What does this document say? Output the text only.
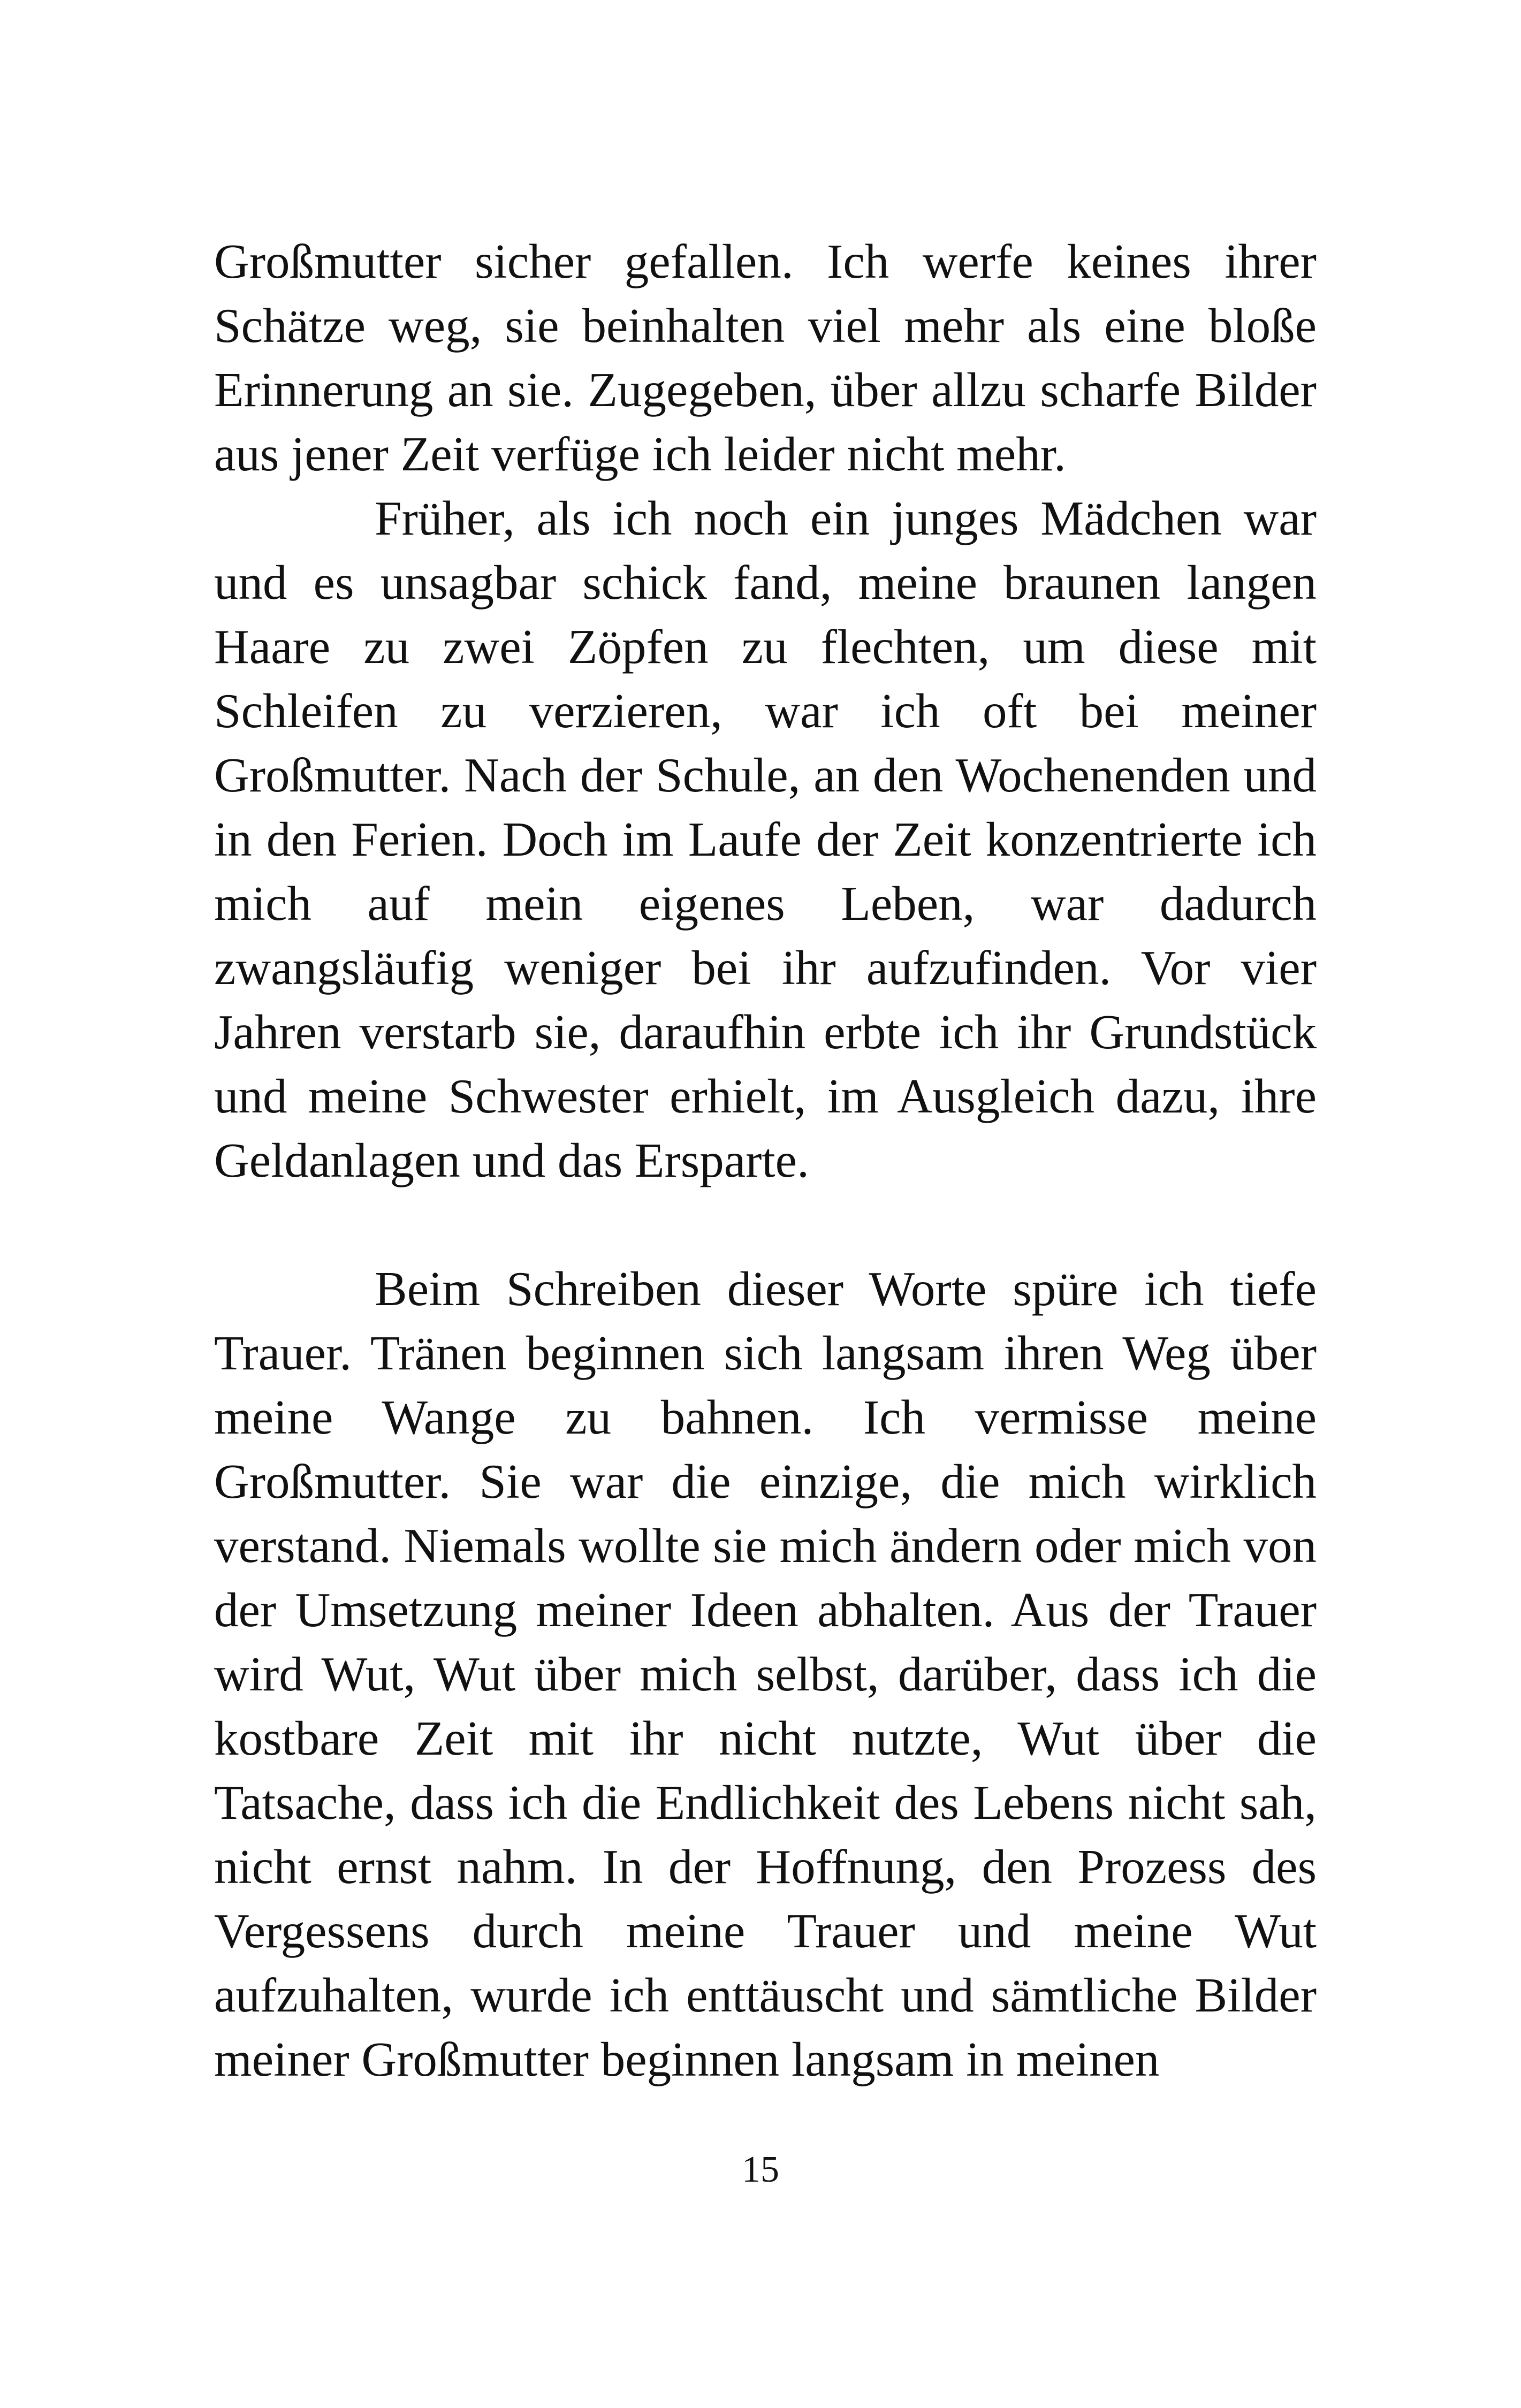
Großmutter sicher gefallen. Ich werfe keines ihrer Schätze weg, sie beinhalten viel mehr als eine bloße Erinnerung an sie. Zugegeben, über allzu scharfe Bilder aus jener Zeit verfüge ich leider nicht mehr.

Früher, als ich noch ein junges Mädchen war und es unsagbar schick fand, meine braunen langen Haare zu zwei Zöpfen zu flechten, um diese mit Schleifen zu verzieren, war ich oft bei meiner Großmutter. Nach der Schule, an den Wochenenden und in den Ferien. Doch im Laufe der Zeit konzentrierte ich mich auf mein eigenes Leben, war dadurch zwangsläufig weniger bei ihr aufzufinden. Vor vier Jahren verstarb sie, daraufhin erbte ich ihr Grundstück und meine Schwester erhielt, im Ausgleich dazu, ihre Geldanlagen und das Ersparte.

Beim Schreiben dieser Worte spüre ich tiefe Trauer. Tränen beginnen sich langsam ihren Weg über meine Wange zu bahnen. Ich vermisse meine Großmutter. Sie war die einzige, die mich wirklich verstand. Niemals wollte sie mich ändern oder mich von der Umsetzung meiner Ideen abhalten. Aus der Trauer wird Wut, Wut über mich selbst, darüber, dass ich die kostbare Zeit mit ihr nicht nutzte, Wut über die Tatsache, dass ich die Endlichkeit des Lebens nicht sah, nicht ernst nahm. In der Hoffnung, den Prozess des Vergessens durch meine Trauer und meine Wut aufzuhalten, wurde ich enttäuscht und sämtliche Bilder meiner Großmutter beginnen langsam in meinen

15
